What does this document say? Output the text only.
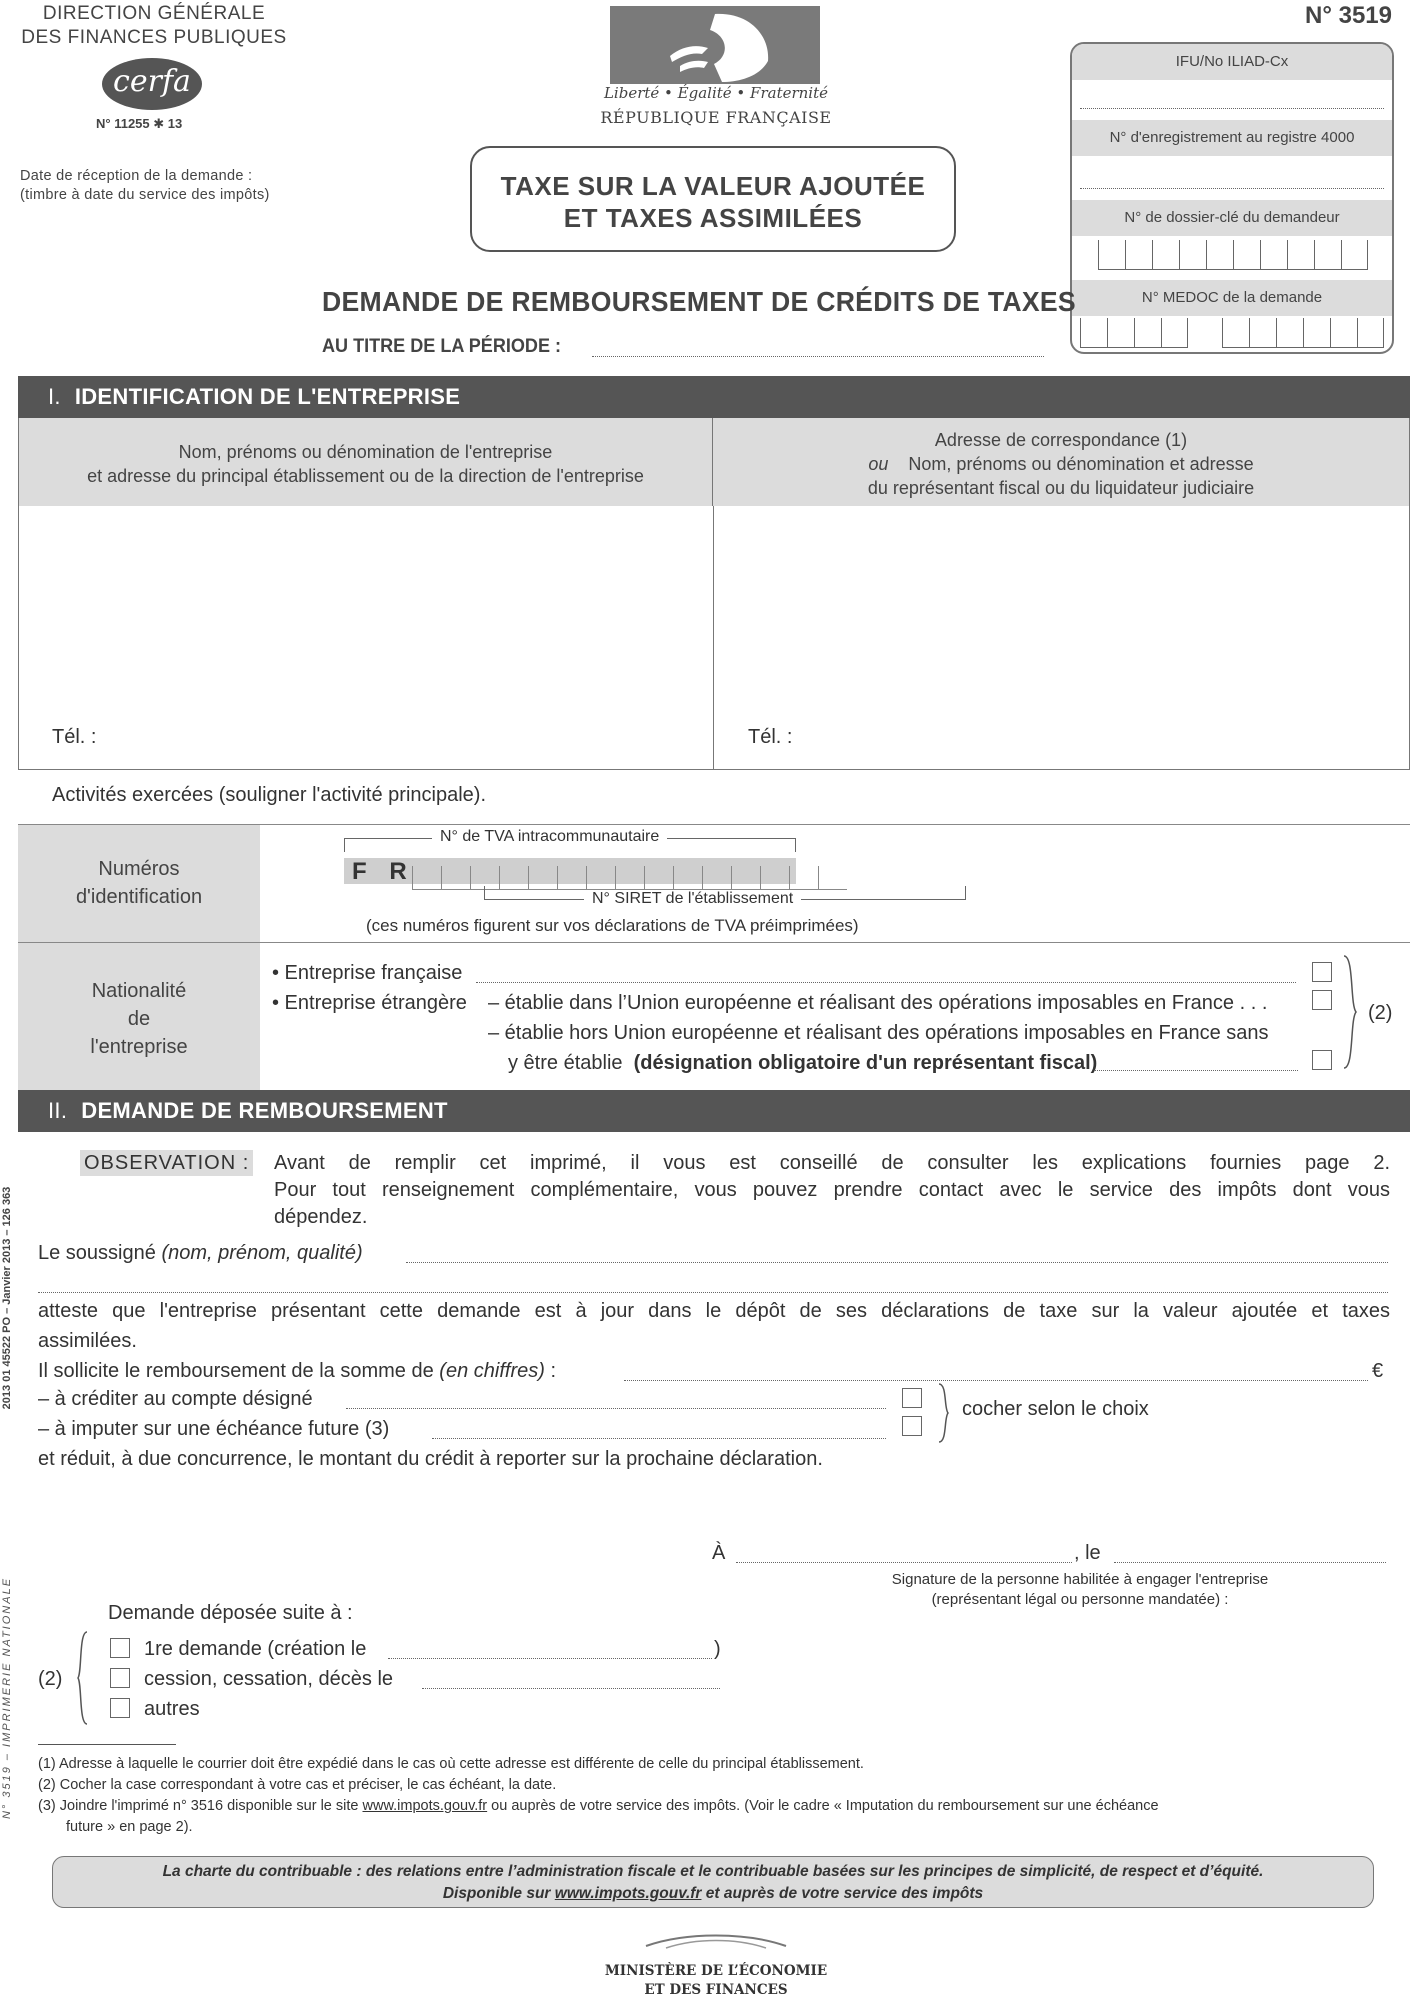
DIRECTION GÉNÉRALE
DES FINANCES PUBLIQUES
cerfa
N° 11255 ✱ 13
Date de réception de la demande :
(timbre à date du service des impôts)
Liberté • Égalité • Fraternité
RÉPUBLIQUE FRANÇAISE
TAXE SUR LA VALEUR AJOUTÉE
ET TAXES ASSIMILÉES
N° 3519
IFU/No ILIAD-Cx
N° d'enregistrement au registre 4000
N° de dossier-clé du demandeur
N° MEDOC de la demande
DEMANDE DE REMBOURSEMENT DE CRÉDITS DE TAXES
AU TITRE DE LA PÉRIODE :
I. IDENTIFICATION DE L'ENTREPRISE
Nom, prénoms ou dénomination de l'entreprise
et adresse du principal établissement ou de la direction de l'entreprise
Adresse de correspondance (1)
ou Nom, prénoms ou dénomination et adresse
du représentant fiscal ou du liquidateur judiciaire
Tél. :	Tél. :
Activités exercées (souligner l'activité principale).
Numéros
d'identification
N° de TVA intracommunautaire
F R
N° SIRET de l'établissement
(ces numéros figurent sur vos déclarations de TVA préimprimées)
Nationalité
de
l'entreprise
• Entreprise française
• Entreprise étrangère – établie dans l’Union européenne et réalisant des opérations imposables en France . . .
– établie hors Union européenne et réalisant des opérations imposables en France sans
y être établie (désignation obligatoire d'un représentant fiscal)
(2)
II. DEMANDE DE REMBOURSEMENT
OBSERVATION : Avant de remplir cet imprimé, il vous est conseillé de consulter les explications fournies page 2.
Pour tout renseignement complémentaire, vous pouvez prendre contact avec le service des impôts dont vous
dépendez.
Le soussigné (nom, prénom, qualité)
atteste que l'entreprise présentant cette demande est à jour dans le dépôt de ses déclarations de taxe sur la valeur ajoutée et taxes
assimilées.
Il sollicite le remboursement de la somme de (en chiffres) :	€
– à créditer au compte désigné
– à imputer sur une échéance future (3)
cocher selon le choix
et réduit, à due concurrence, le montant du crédit à reporter sur la prochaine déclaration.
À	, le
Signature de la personne habilitée à engager l'entreprise
(représentant légal ou personne mandatée) :
Demande déposée suite à :
(2)
1re demande (création le	)
cession, cessation, décès le
autres
(1) Adresse à laquelle le courrier doit être expédié dans le cas où cette adresse est différente de celle du principal établissement.
(2) Cocher la case correspondant à votre cas et préciser, le cas échéant, la date.
(3) Joindre l'imprimé n° 3516 disponible sur le site www.impots.gouv.fr ou auprès de votre service des impôts. (Voir le cadre « Imputation du remboursement sur une échéance
future » en page 2).
La charte du contribuable : des relations entre l’administration fiscale et le contribuable basées sur les principes de simplicité, de respect et d’équité.
Disponible sur www.impots.gouv.fr et auprès de votre service des impôts
MINISTÈRE DE L’ÉCONOMIE
ET DES FINANCES
2013 01 45522 PO – Janvier 2013 – 126 363
N° 3519 – IMPRIMERIE NATIONALE
